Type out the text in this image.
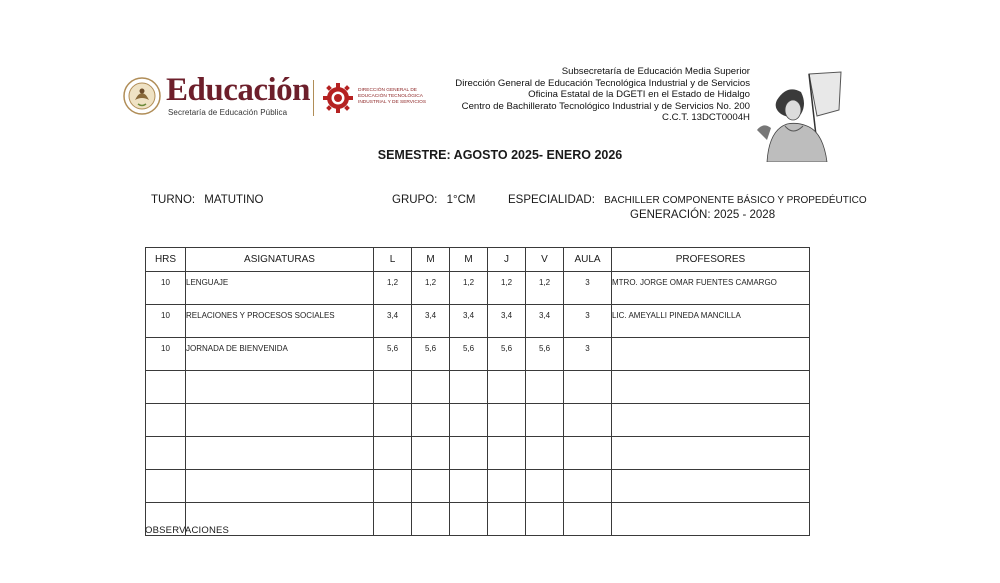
Educación
Secretaría de Educación Pública
DIRECCIÓN GENERAL DE EDUCACIÓN TECNOLÓGICA INDUSTRIAL Y DE SERVICIOS
Subsecretaría de Educación Media Superior
Dirección General de Educación Tecnológica Industrial y de Servicios
Oficina Estatal de la DGETI en el Estado de Hidalgo
Centro de Bachillerato Tecnológico Industrial y de Servicios No. 200
C.C.T. 13DCT0004H
SEMESTRE: AGOSTO 2025- ENERO 2026
TURNO: MATUTINO	GRUPO: 1°CM	ESPECIALIDAD: BACHILLER COMPONENTE BÁSICO Y PROPEDÉUTICO
GENERACIÓN: 2025 - 2028
HRS	ASIGNATURAS	L	M	M	J	V	AULA	PROFESORES
10	LENGUAJE	1,2	1,2	1,2	1,2	1,2	3	MTRO. JORGE OMAR FUENTES CAMARGO
10	RELACIONES Y PROCESOS SOCIALES	3,4	3,4	3,4	3,4	3,4	3	LIC. AMEYALLI PINEDA MANCILLA
10	JORNADA DE BIENVENIDA	5,6	5,6	5,6	5,6	5,6	3	

OBSERVACIONES
